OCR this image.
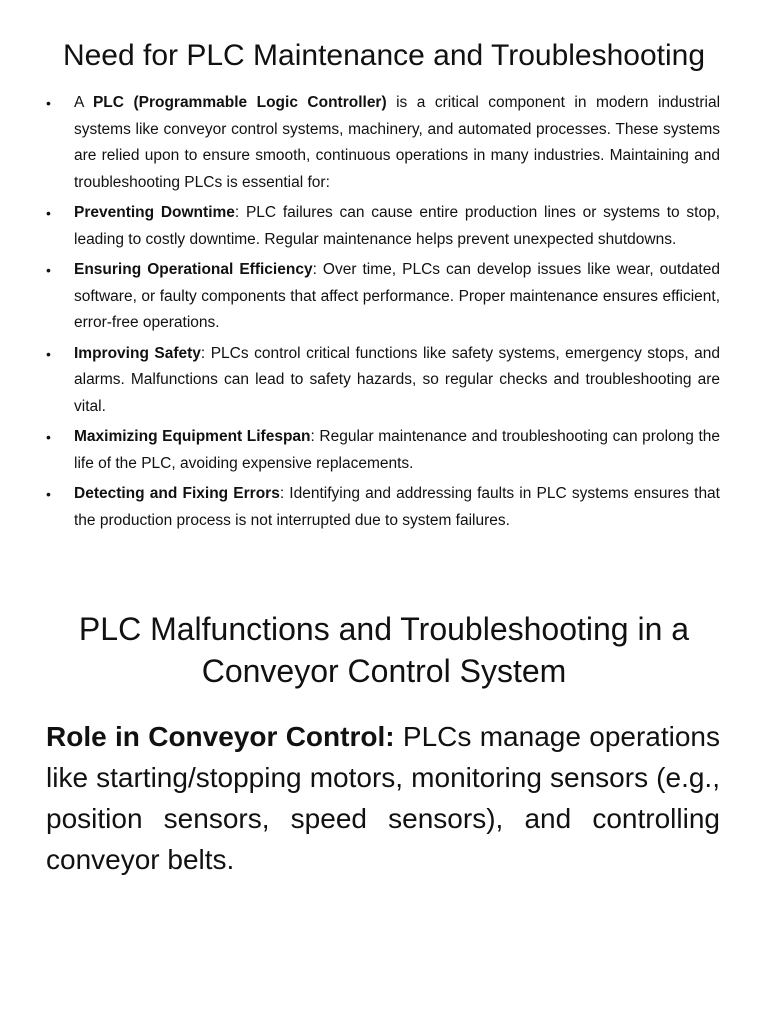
Need for PLC Maintenance and Troubleshooting
•	A PLC (Programmable Logic Controller) is a critical component in modern industrial systems like conveyor control systems, machinery, and automated processes. These systems are relied upon to ensure smooth, continuous operations in many industries. Maintaining and troubleshooting PLCs is essential for:
•	Preventing Downtime: PLC failures can cause entire production lines or systems to stop, leading to costly downtime. Regular maintenance helps prevent unexpected shutdowns.
•	Ensuring Operational Efficiency: Over time, PLCs can develop issues like wear, outdated software, or faulty components that affect performance. Proper maintenance ensures efficient, error-free operations.
•	Improving Safety: PLCs control critical functions like safety systems, emergency stops, and alarms. Malfunctions can lead to safety hazards, so regular checks and troubleshooting are vital.
•	Maximizing Equipment Lifespan: Regular maintenance and troubleshooting can prolong the life of the PLC, avoiding expensive replacements.
•	Detecting and Fixing Errors: Identifying and addressing faults in PLC systems ensures that the production process is not interrupted due to system failures.
PLC Malfunctions and Troubleshooting in a
Conveyor Control System

Role in Conveyor Control: PLCs manage operations like starting/stopping motors, monitoring sensors (e.g., position sensors, speed sensors), and controlling conveyor belts.
